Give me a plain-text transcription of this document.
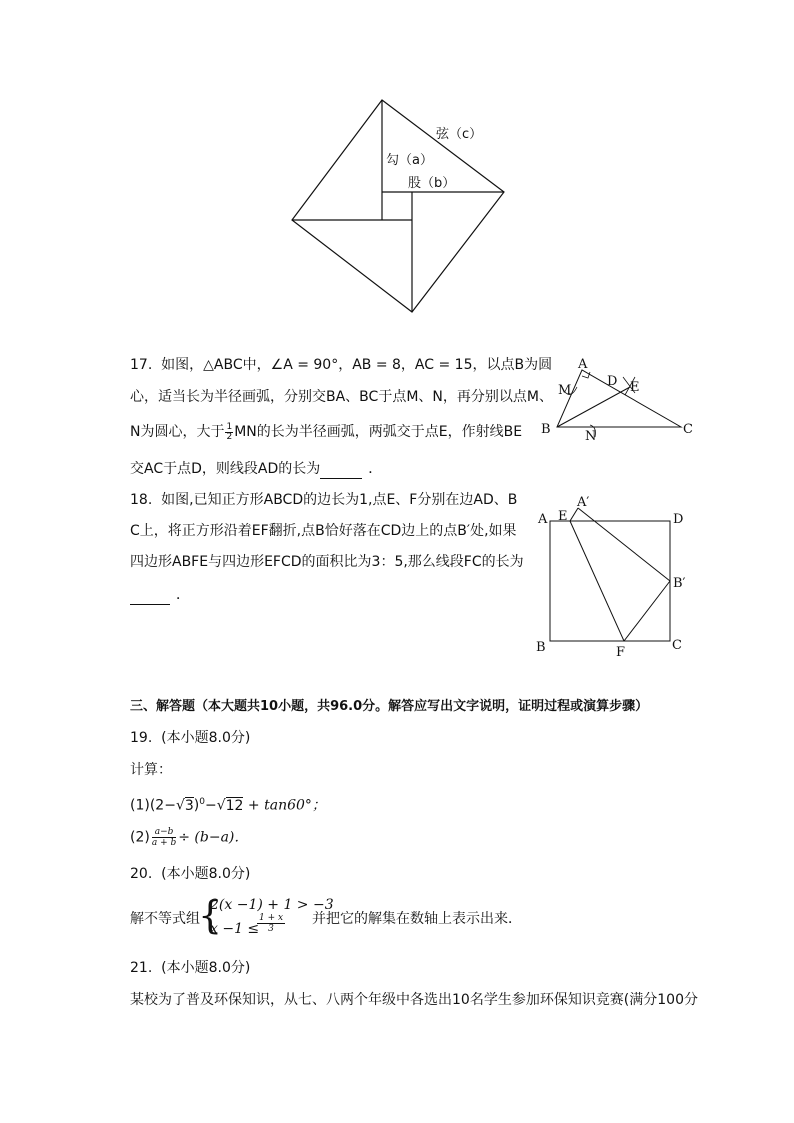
弦（c）
勾（a）
股（b）
17.  如图，△ABC中，∠A = 90°，AB = 8，AC = 15，以点B为圆
心，适当长为半径画弧，分别交BA、BC于点M、N，再分别以点M、
N为圆心，大于 $\frac{1}{2}$ MN的长为半径画弧，两弧交于点E，作射线BE
交AC于点D，则线段AD的长为	．
A
B	C
D E
M
N
18.  如图,已知正方形ABCD的边长为1,点E、F分别在边AD、B
C上，将正方形沿着EF翻折,点B恰好落在CD边上的点B′处,如果
四边形ABFE与四边形EFCD的面积比为3：5,那么线段FC的长为
．
A
A′
E	D
B′
B	F	C
三、解答题（本大题共10小题，共96.0分。解答应写出文字说明，证明过程或演算步骤）
19.  (本小题8.0分)
计算：
$(1)(2-√3)^0-√12 + \tan 60^\circ$；
$(2) \frac{a-b}{a + b} \div (b-a)$．
20.  (本小题8.0分)
解不等式组
{
2(x −1) + 1 > −3
x −1 ≤
$\frac{1 + x}{3}$ 并把它的解集在数轴上表示出来．
21.  (本小题8.0分)
某校为了普及环保知识，从七、八两个年级中各选出10名学生参加环保知识竞赛(满分100分
